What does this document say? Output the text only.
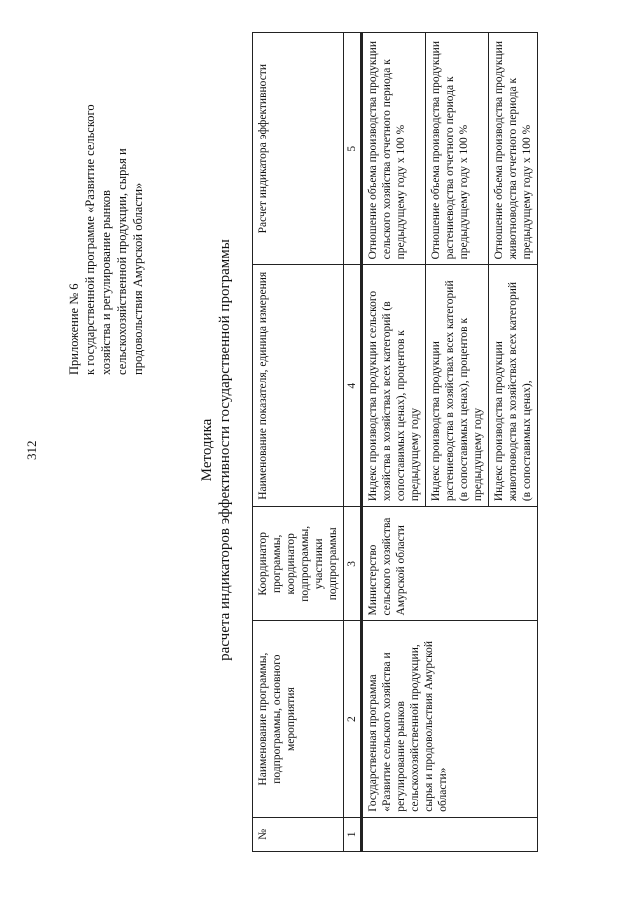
312
Приложение № 6 к государственной программе «Развитие сельского хозяйства и регулирование рынков сельскохозяйственной продукции, сырья и продовольствия Амурской области»
Методика расчета индикаторов эффективности государственной программы
№	Наименование программы, подпрограммы, основного мероприятия	Координатор программы, координатор подпрограммы, участники подпрограммы	Наименование показателя, единица измерения	Расчет индикатора эффективности
1	2	3	4	5
	Государственная программа «Развитие сельского хозяйства и регулирование рынков сельскохозяйственной продукции, сырья и продовольствия Амурской области»	Министерство сельского хозяйства Амурской области	Индекс производства продукции сельского хозяйства в хозяйствах всех категорий (в сопоставимых ценах), процентов к предыдущему году	Отношение объема производства продукции сельского хозяйства отчетного периода к предыдущему году х 100 %
			Индекс производства продукции растениеводства в хозяйствах всех категорий (в сопоставимых ценах), процентов к предыдущему году	Отношение объема производства продукции растениеводства отчетного периода к предыдущему году х 100 %
			Индекс производства продукции животноводства в хозяйствах всех категорий (в сопоставимых ценах),	Отношение объема производства продукции животноводства отчетного периода к предыдущему году х 100 %
